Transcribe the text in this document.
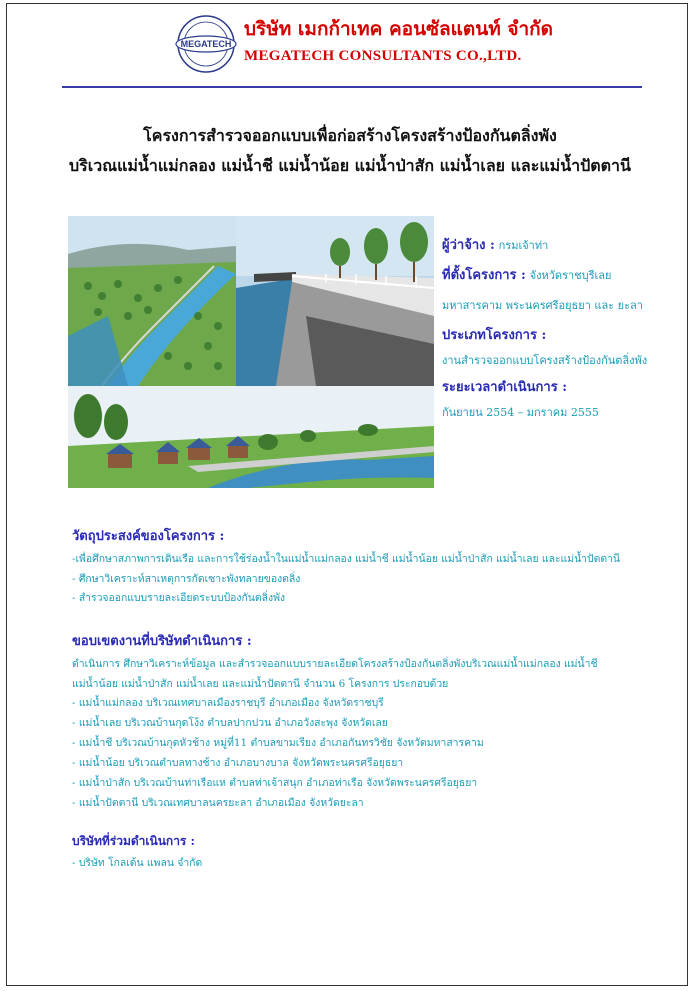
MEGATECH
บริษัท เมกก้าเทค คอนซัลแตนท์ จำกัด
MEGATECH CONSULTANTS CO.,LTD.
โครงการสำรวจออกแบบเพื่อก่อสร้างโครงสร้างป้องกันตลิ่งพัง
บริเวณแม่น้ำแม่กลอง แม่น้ำชี แม่น้ำน้อย แม่น้ำป่าสัก แม่น้ำเลย และแม่น้ำปัตตานี
ผู้ว่าจ้าง : กรมเจ้าท่า
ที่ตั้งโครงการ : จังหวัดราชบุรีเลย
มหาสารคาม พระนครศรีอยุธยา และ ยะลา
ประเภทโครงการ :
งานสำรวจออกแบบโครงสร้างป้องกันตลิ่งพัง
ระยะเวลาดำเนินการ :
กันยายน 2554 – มกราคม 2555
วัตถุประสงค์ของโครงการ :
-เพื่อศึกษาสภาพการเดินเรือ และการใช้ร่องน้ำในแม่น้ำแม่กลอง แม่น้ำชี แม่น้ำน้อย แม่น้ำป่าสัก แม่น้ำเลย และแม่น้ำปัตตานี
- ศึกษาวิเคราะห์สาเหตุการกัดเซาะพังทลายของตลิ่ง
- สำรวจออกแบบรายละเอียดระบบป้องกันตลิ่งพัง
ขอบเขตงานที่บริษัทดำเนินการ :
ดำเนินการ ศึกษาวิเคราะห์ข้อมูล และสำรวจออกแบบรายละเอียดโครงสร้างป้องกันตลิ่งพังบริเวณแม่น้ำแม่กลอง แม่น้ำชี
แม่น้ำน้อย แม่น้ำป่าสัก แม่น้ำเลย และแม่น้ำปัตตานี จำนวน 6 โครงการ ประกอบด้วย
- แม่น้ำแม่กลอง บริเวณเทศบาลเมืองราชบุรี อำเภอเมือง จังหวัดราชบุรี
- แม่น้ำเลย บริเวณบ้านกุดโง้ง ตำบลปากปวน อำเภอวังสะพุง จังหวัดเลย
- แม่น้ำชี บริเวณบ้านกุดหัวช้าง หมู่ที่11 ตำบลขามเรียง อำเภอกันทรวิชัย จังหวัดมหาสารคาม
- แม่น้ำน้อย บริเวณตำบลทางช้าง อำเภอบางบาล จังหวัดพระนครศรีอยุธยา
- แม่น้ำป่าสัก บริเวณบ้านท่าเรือแห ตำบลท่าเจ้าสนุก อำเภอท่าเรือ จังหวัดพระนครศรีอยุธยา
- แม่น้ำปัตตานี บริเวณเทศบาลนครยะลา อำเภอเมือง จังหวัดยะลา
บริษัทที่ร่วมดำเนินการ :
- บริษัท โกลเด้น แพลน จำกัด
